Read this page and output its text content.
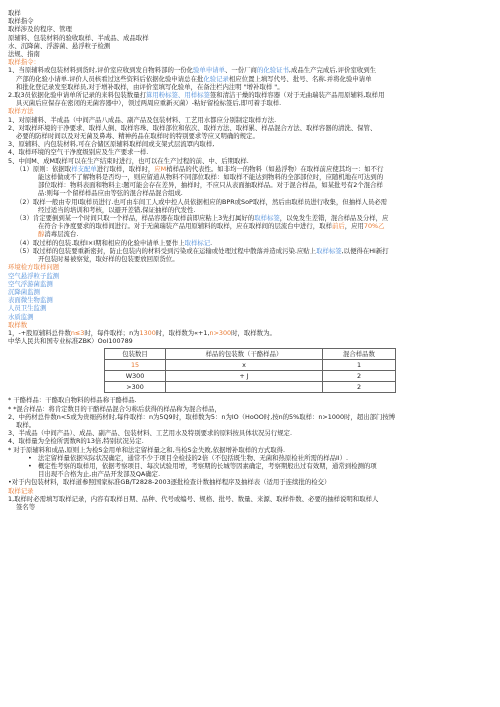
取样
取样指令
取样涉及的程序、管理
原辅料、包装材料的验收取样、半成品、成品取样
水、沉降菌、浮游菌、悬浮粒子检测
法规、指南
取样指令：
1、当原辅料或包装材料到货时,评价室应收到发自物料部的一份化验单申请单、一份厂商的化验证书,成品生产完成后,评价室收到生
产部的化验小请单.评价人员核看过这些资料后依据化验申请总在批化验记录相应位置上填写代号、批号、名称.并将化验申请单
和批化登记录发至取样员,对于增补取样，由评价室填写化验单，在备注栏内注明 "增补取样 "。
2.取3员依据化验申请单所记录的来料包装数量打算用粉标签、用样标签签和清洁干燥的取样容器（对于无曲瑞装产品用原辅料,取样用
具灭菌后应保存在密闭的无菌容器中），领过两周应重新灭菌）-粘好留检标签后,即可着手取样.
取样方法
1、对原辅料、半成品（中间产品八成品、副产品及包装材料、工艺用水都应分别制定取样方法.
2、对取样环境的干净要求、取样人倒、取样容珠、取样部位和依次、取样方法、取样累、样品混合方法、取样容器的清洗、保管、
必要的防样时间以及对无菌及鼻毒、精神药品在取样时的特别要求等应又明确的规定。
3、原辅料、内包装材料,可在合储区原辅料取样间或支架式层流罩内取样,
4、取样环境的空气干净度级别应及生产要求一样.
5、中间M、成M取样可以在生产结束时进行，也可以在生产过程的前、中、后期取样.
（1）原则：依据取样支配单进行取样，取样时，应M梢样品的代表性。如非均一的物料（如悬浮物）在取样前应使其均一：如不行
能这样做或不了解物料是否均一，则应留道从物料不同部位取样：如取样不能达到物料的全部部位时，应随机地在可达到的
部位取样：物料表面和物料主:题可能会存在差异，抽样时，不应只从表面抽取样品。对于混合样品，如某批号有2个混合样
品:则每一个留样样品应由等弦的混合样品混合组成.
（2）取样一般由专用l取样员进行.也可由车间工人或中控人员依据相应的BPR或SoP取样，然后由取样员进行收集，但抽样人员必需
经过适当的培训和考核，以避开差错,保证抽样的代发性.
（3）肯定要倒到某一个时间只取一个样品，样品容器在取样前即应粘上3先打属好的取样标签，以免发生差错，混合样品及分样，应
在符合卡净度要求的取样间进行。对于无菌瑞装产品用原辅料的取样，应在取样间的层流台中进行，取样前后，应用70%乙
醇消毒层流台.
（4）取过样的包装.取样I×I期和相应的化验申请单上要作上取样标记.
（5）取过样的包装要重新密封，防止包装内的材料受到污染或在运输或处理过程中散落并造成污染.应贴上取样标签,以便得在Hi新打
开包装时易被察觉，取好样的包装要放回原货位。
环境检方取样问题
空气悬浮粒子监测
空气浮游菌监测
沉降菌监测
表面微生物监测
人员卫生监测
水质监测
取样数
1，-+股原辅料总件数n≤3时，每件取样；n为1300时，取样数为«+1,n>300时，取样数为。
中华人民共和国专业标准ZBK）Ool100789
包装数目	样品的包装数（干酪样品）	混合样品数
15	x	1
W300	+ J	2
>300		2
* 干酪样品：干酪取自物料的样品称干酪样品.
* *混合样品：将肯定数目的干酪样品混合匀称后获得的样品称为混合样品，
2、中药材总件数n<5或为贵细药材时,每件取样：n为5Q9时，取样数为5：n为lO（HoOO时,按n的5%取样：n>1000时，超出部门按博
取样。
3、半成品（中间产品）、成品、副产品、包装材料、工艺用水及特别要求的原料按具体状况另行规定.
4、取样量为全检所需数R的13倍,特别状况另定.
* 对于原辅料和成品,原则上为检S金用单和法定留样量之和,当检S金失败,依据增补取样的方式取得.
• 法定留样量依据实际状况确定，通常不少于项目全检技的2倍（不包括既生物、无菌和热原检社所需的样品ll）.
• 概定性考察的取样用，依据考察项目、每次试验用增，考察期的长城等因素确定，考察期般出过有效期，通常到检测的项
目出现不合格为止,由产品开发部及QA确定.
•对于内包装材料，取样道参照国家标准GB/T2828-2003逐批检查计数抽样程序及抽样表（适用于连续批的检交）
取样记录
1,取样时必需填写取样记录，内容有取样日期、品种、代号或编号、规格、批号、数量、来源、取样件数、必要的抽样说明和取样人
签名等
